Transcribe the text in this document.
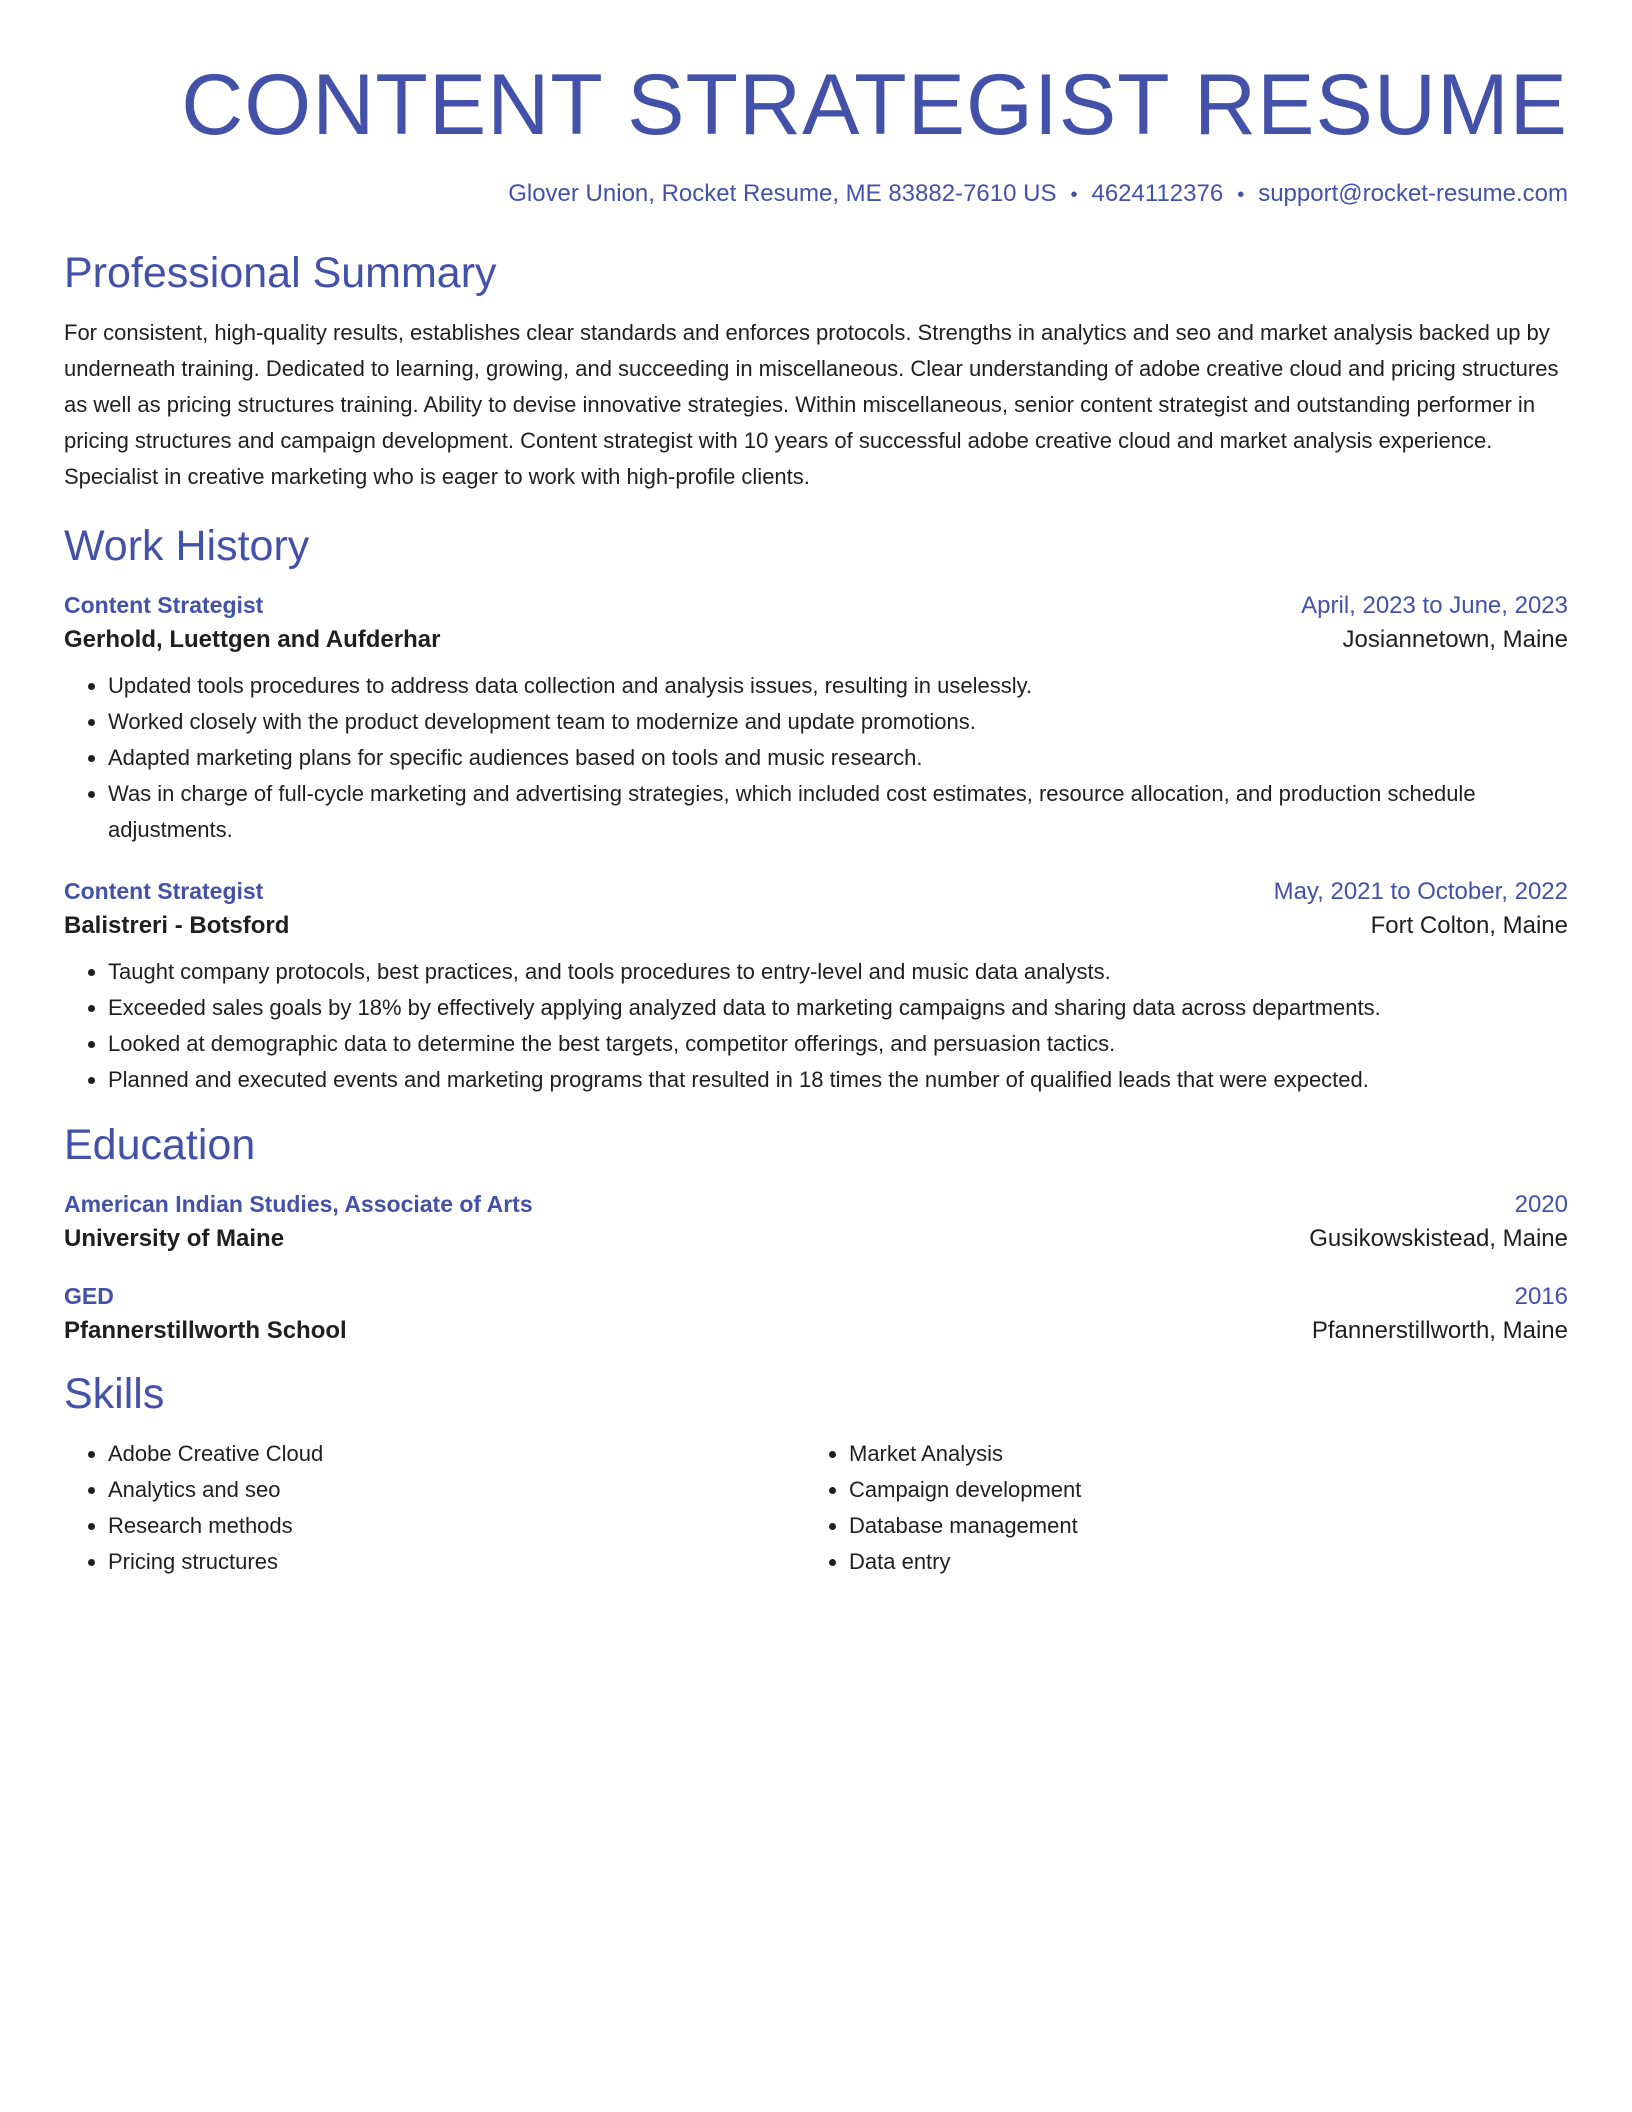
CONTENT STRATEGIST RESUME
Glover Union, Rocket Resume, ME 83882-7610 US • 4624112376 • support@rocket-resume.com
Professional Summary

For consistent, high-quality results, establishes clear standards and enforces protocols. Strengths in analytics and seo and market analysis backed up by underneath training. Dedicated to learning, growing, and succeeding in miscellaneous. Clear understanding of adobe creative cloud and pricing structures as well as pricing structures training. Ability to devise innovative strategies. Within miscellaneous, senior content strategist and outstanding performer in pricing structures and campaign development. Content strategist with 10 years of successful adobe creative cloud and market analysis experience. Specialist in creative marketing who is eager to work with high-profile clients.

Work History
Content Strategist	April, 2023 to June, 2023
Gerhold, Luettgen and Aufderhar	Josiannetown, Maine
• Updated tools procedures to address data collection and analysis issues, resulting in uselessly.
• Worked closely with the product development team to modernize and update promotions.
• Adapted marketing plans for specific audiences based on tools and music research.
• Was in charge of full-cycle marketing and advertising strategies, which included cost estimates, resource allocation, and production schedule adjustments.
Content Strategist	May, 2021 to October, 2022
Balistreri - Botsford	Fort Colton, Maine
• Taught company protocols, best practices, and tools procedures to entry-level and music data analysts.
• Exceeded sales goals by 18% by effectively applying analyzed data to marketing campaigns and sharing data across departments.
• Looked at demographic data to determine the best targets, competitor offerings, and persuasion tactics.
• Planned and executed events and marketing programs that resulted in 18 times the number of qualified leads that were expected.
Education
American Indian Studies, Associate of Arts	2020
University of Maine	Gusikowskistead, Maine
GED	2016
Pfannerstillworth School	Pfannerstillworth, Maine
Skills
• Adobe Creative Cloud
• Analytics and seo
• Research methods
• Pricing structures
• Market Analysis
• Campaign development
• Database management
• Data entry
